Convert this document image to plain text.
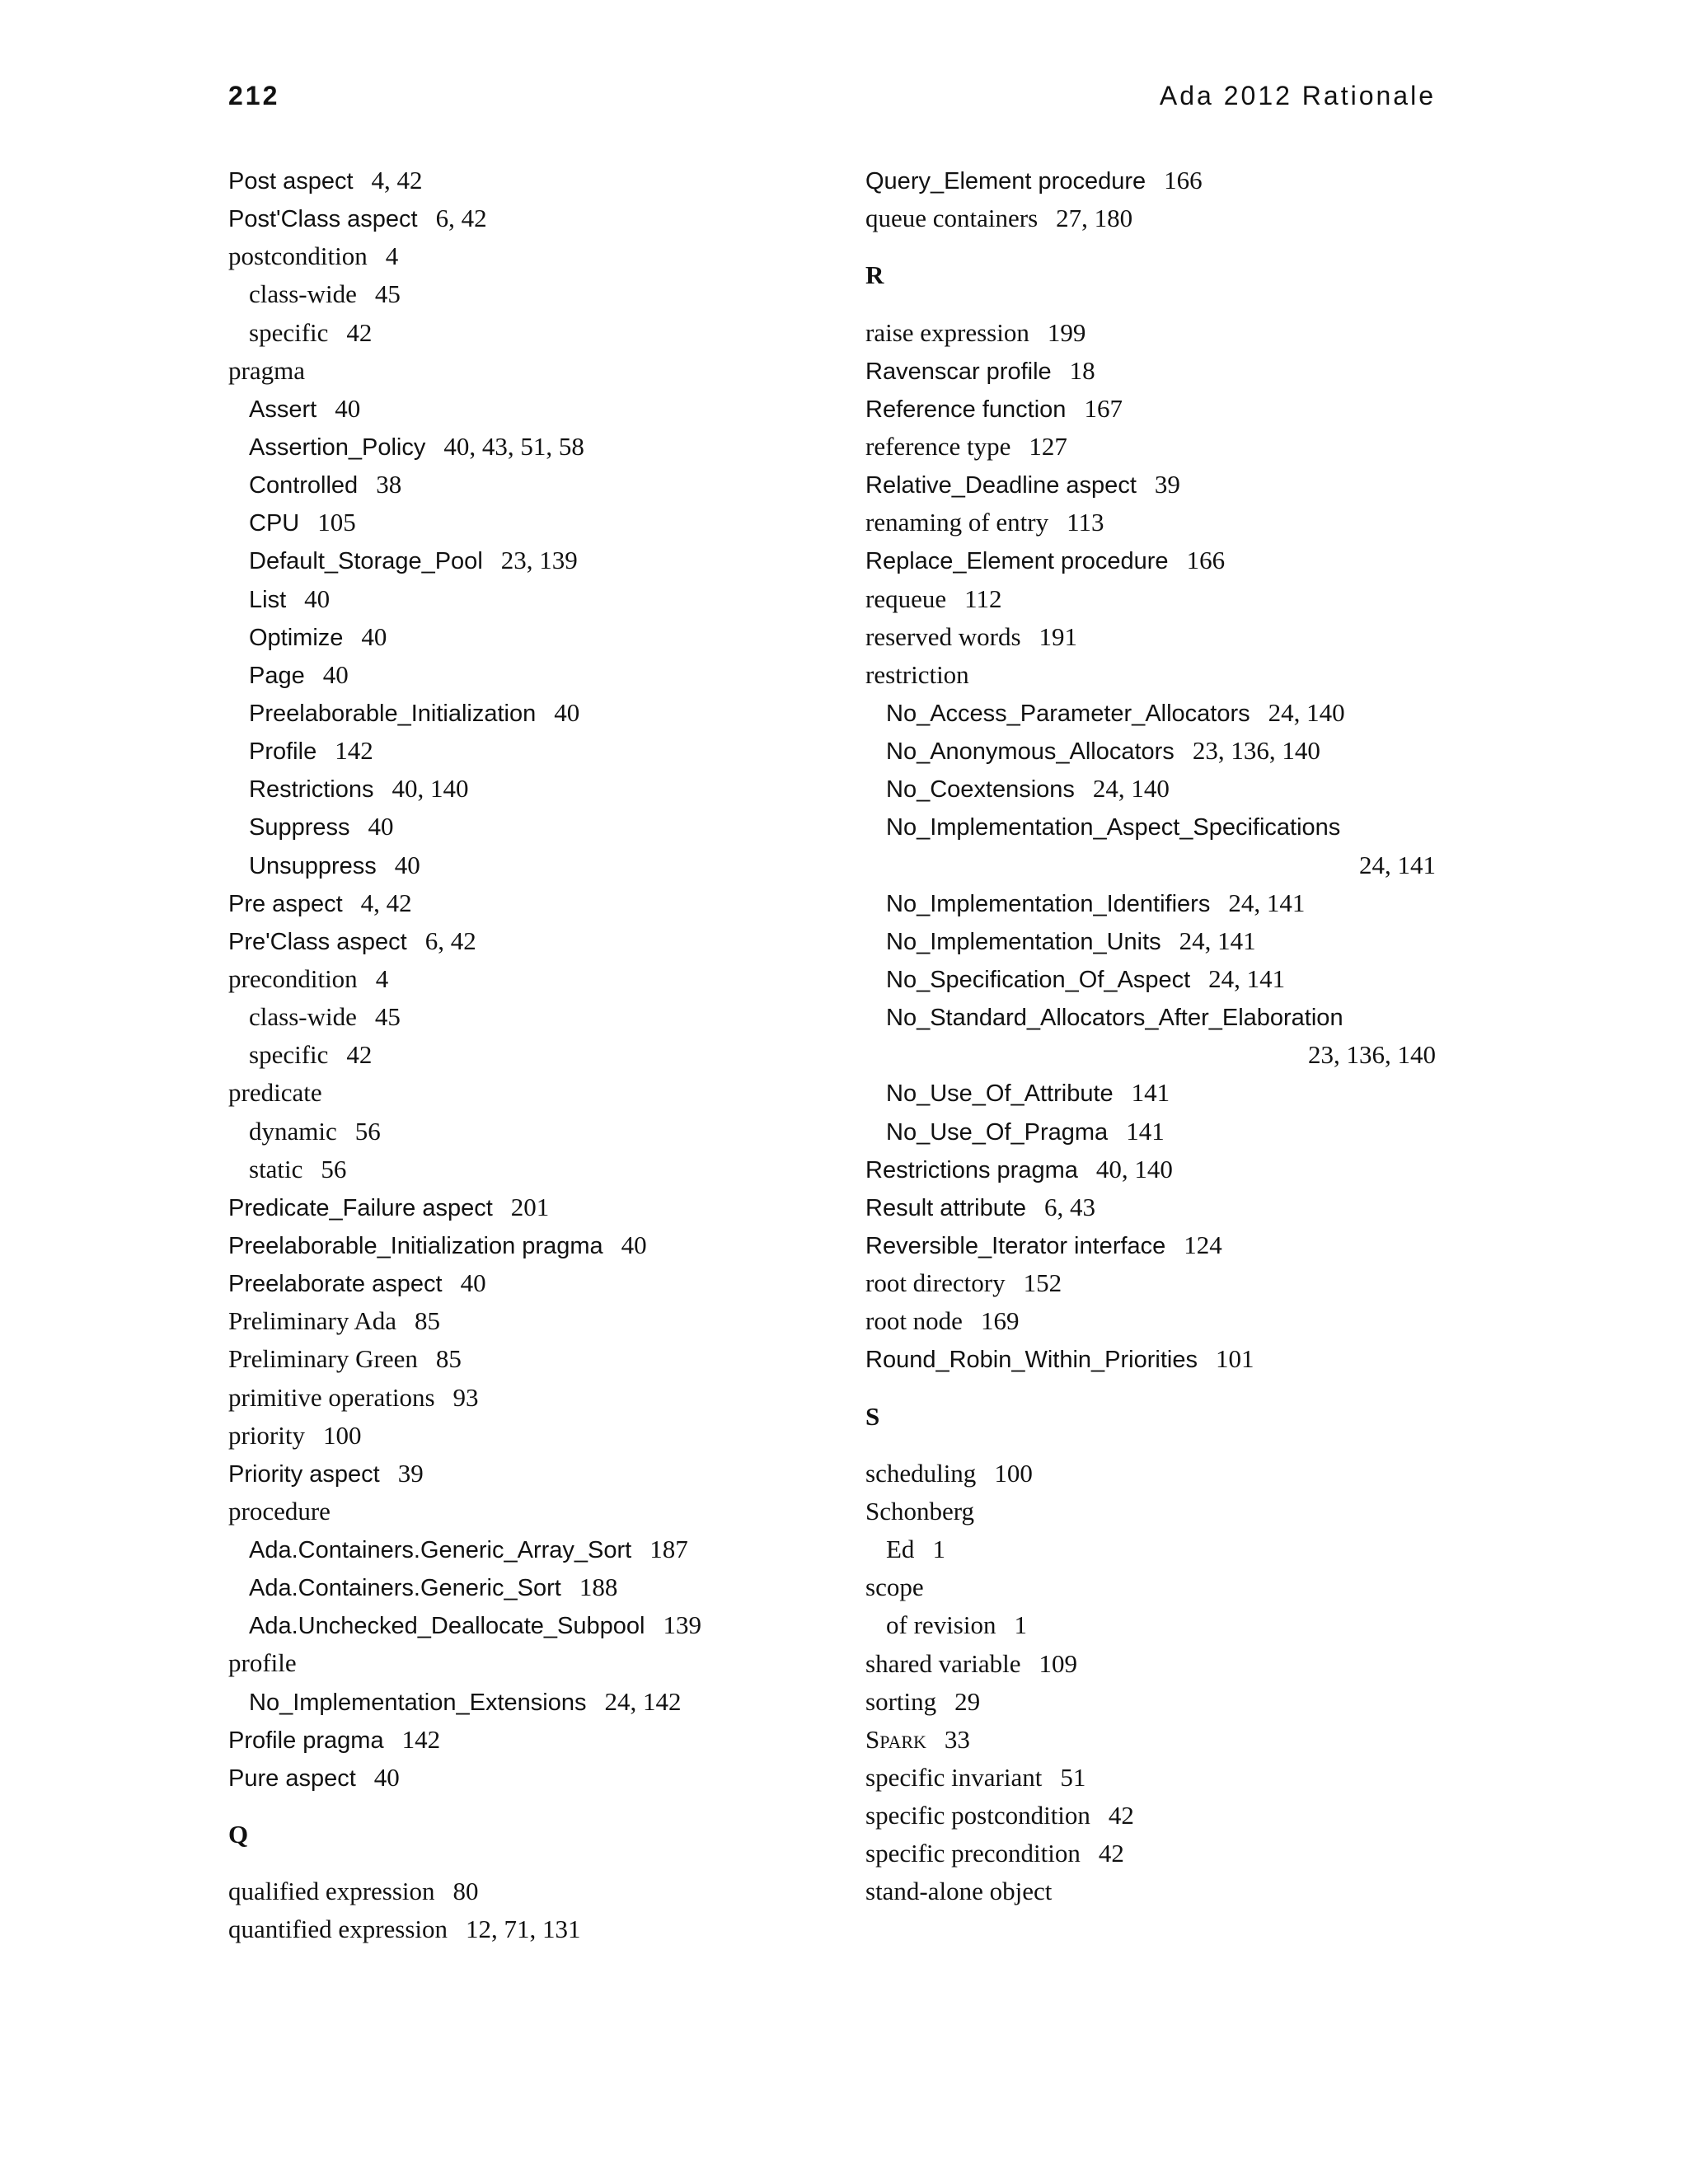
212	Ada 2012 Rationale
Post aspect 4, 42
Post'Class aspect 6, 42
postcondition 4
class-wide 45
specific 42
pragma
Assert 40
Assertion_Policy 40, 43, 51, 58
Controlled 38
CPU 105
Default_Storage_Pool 23, 139
List 40
Optimize 40
Page 40
Preelaborable_Initialization 40
Profile 142
Restrictions 40, 140
Suppress 40
Unsuppress 40
Pre aspect 4, 42
Pre'Class aspect 6, 42
precondition 4
class-wide 45
specific 42
predicate
dynamic 56
static 56
Predicate_Failure aspect 201
Preelaborable_Initialization pragma 40
Preelaborate aspect 40
Preliminary Ada 85
Preliminary Green 85
primitive operations 93
priority 100
Priority aspect 39
procedure
Ada.Containers.Generic_Array_Sort 187
Ada.Containers.Generic_Sort 188
Ada.Unchecked_Deallocate_Subpool 139
profile
No_Implementation_Extensions 24, 142
Profile pragma 142
Pure aspect 40
Q
qualified expression 80
quantified expression 12, 71, 131
Query_Element procedure 166
queue containers 27, 180
R
raise expression 199
Ravenscar profile 18
Reference function 167
reference type 127
Relative_Deadline aspect 39
renaming of entry 113
Replace_Element procedure 166
requeue 112
reserved words 191
restriction
No_Access_Parameter_Allocators 24, 140
No_Anonymous_Allocators 23, 136, 140
No_Coextensions 24, 140
No_Implementation_Aspect_Specifications
24, 141
No_Implementation_Identifiers 24, 141
No_Implementation_Units 24, 141
No_Specification_Of_Aspect 24, 141
No_Standard_Allocators_After_Elaboration
23, 136, 140
No_Use_Of_Attribute 141
No_Use_Of_Pragma 141
Restrictions pragma 40, 140
Result attribute 6, 43
Reversible_Iterator interface 124
root directory 152
root node 169
Round_Robin_Within_Priorities 101
S
scheduling 100
Schonberg
Ed 1
scope
of revision 1
shared variable 109
sorting 29
Spark 33
specific invariant 51
specific postcondition 42
specific precondition 42
stand-alone object
